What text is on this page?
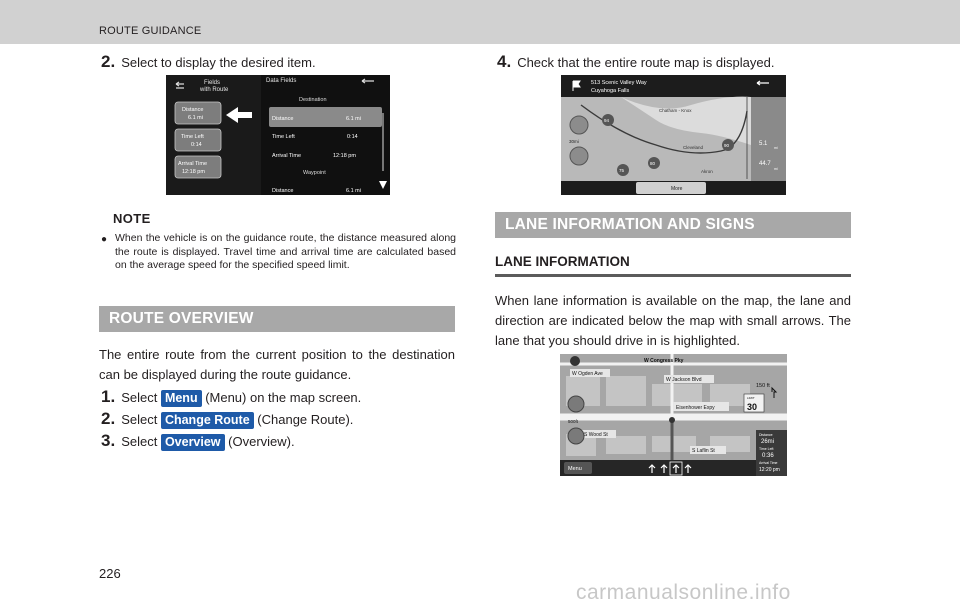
ROUTE GUIDANCE
2. Select to display the desired item.
Fields
with Route
Distance
6.1 mi
Time Left
0:14
Arrival Time
12:18 pm
Data Fields
Destination
Distance	6.1 mi
Time Left	0:14
Arrival Time	12:18 pm
Waypoint
Distance	6.1 mi
NOTE
● When the vehicle is on the guidance route, the distance measured along the route is displayed. Travel time and arrival time are calculated based on the average speed for the specified speed limit.
ROUTE OVERVIEW
The entire route from the current position to the destination can be displayed during the route guidance.
1. Select Menu (Menu) on the map screen.
2. Select Change Route (Change Route).
3. Select Overview (Overview).
4. Check that the entire route map is displayed.
513 Scenic Valley Way
Cuyahoga Falls
Chatham - Knox
Cleveland
Akron
94
75
80
90
30mi	5.1
mi
44.7
mi
More
LANE INFORMATION AND SIGNS
LANE INFORMATION
When lane information is available on the map, the lane and direction are indicated below the map with small arrows. The lane that you should drive in is highlighted.
W Congress Pky
W Ogden Ave
W Jackson Blvd
Eisenhower Expy
S Wood St
S Laflin St
500ft
150 ft
LIMIT
30
Distance
26mi
Time Left
0:36
Arrival Time
12:20 pm
Menu
226
carmanualsonline.info
